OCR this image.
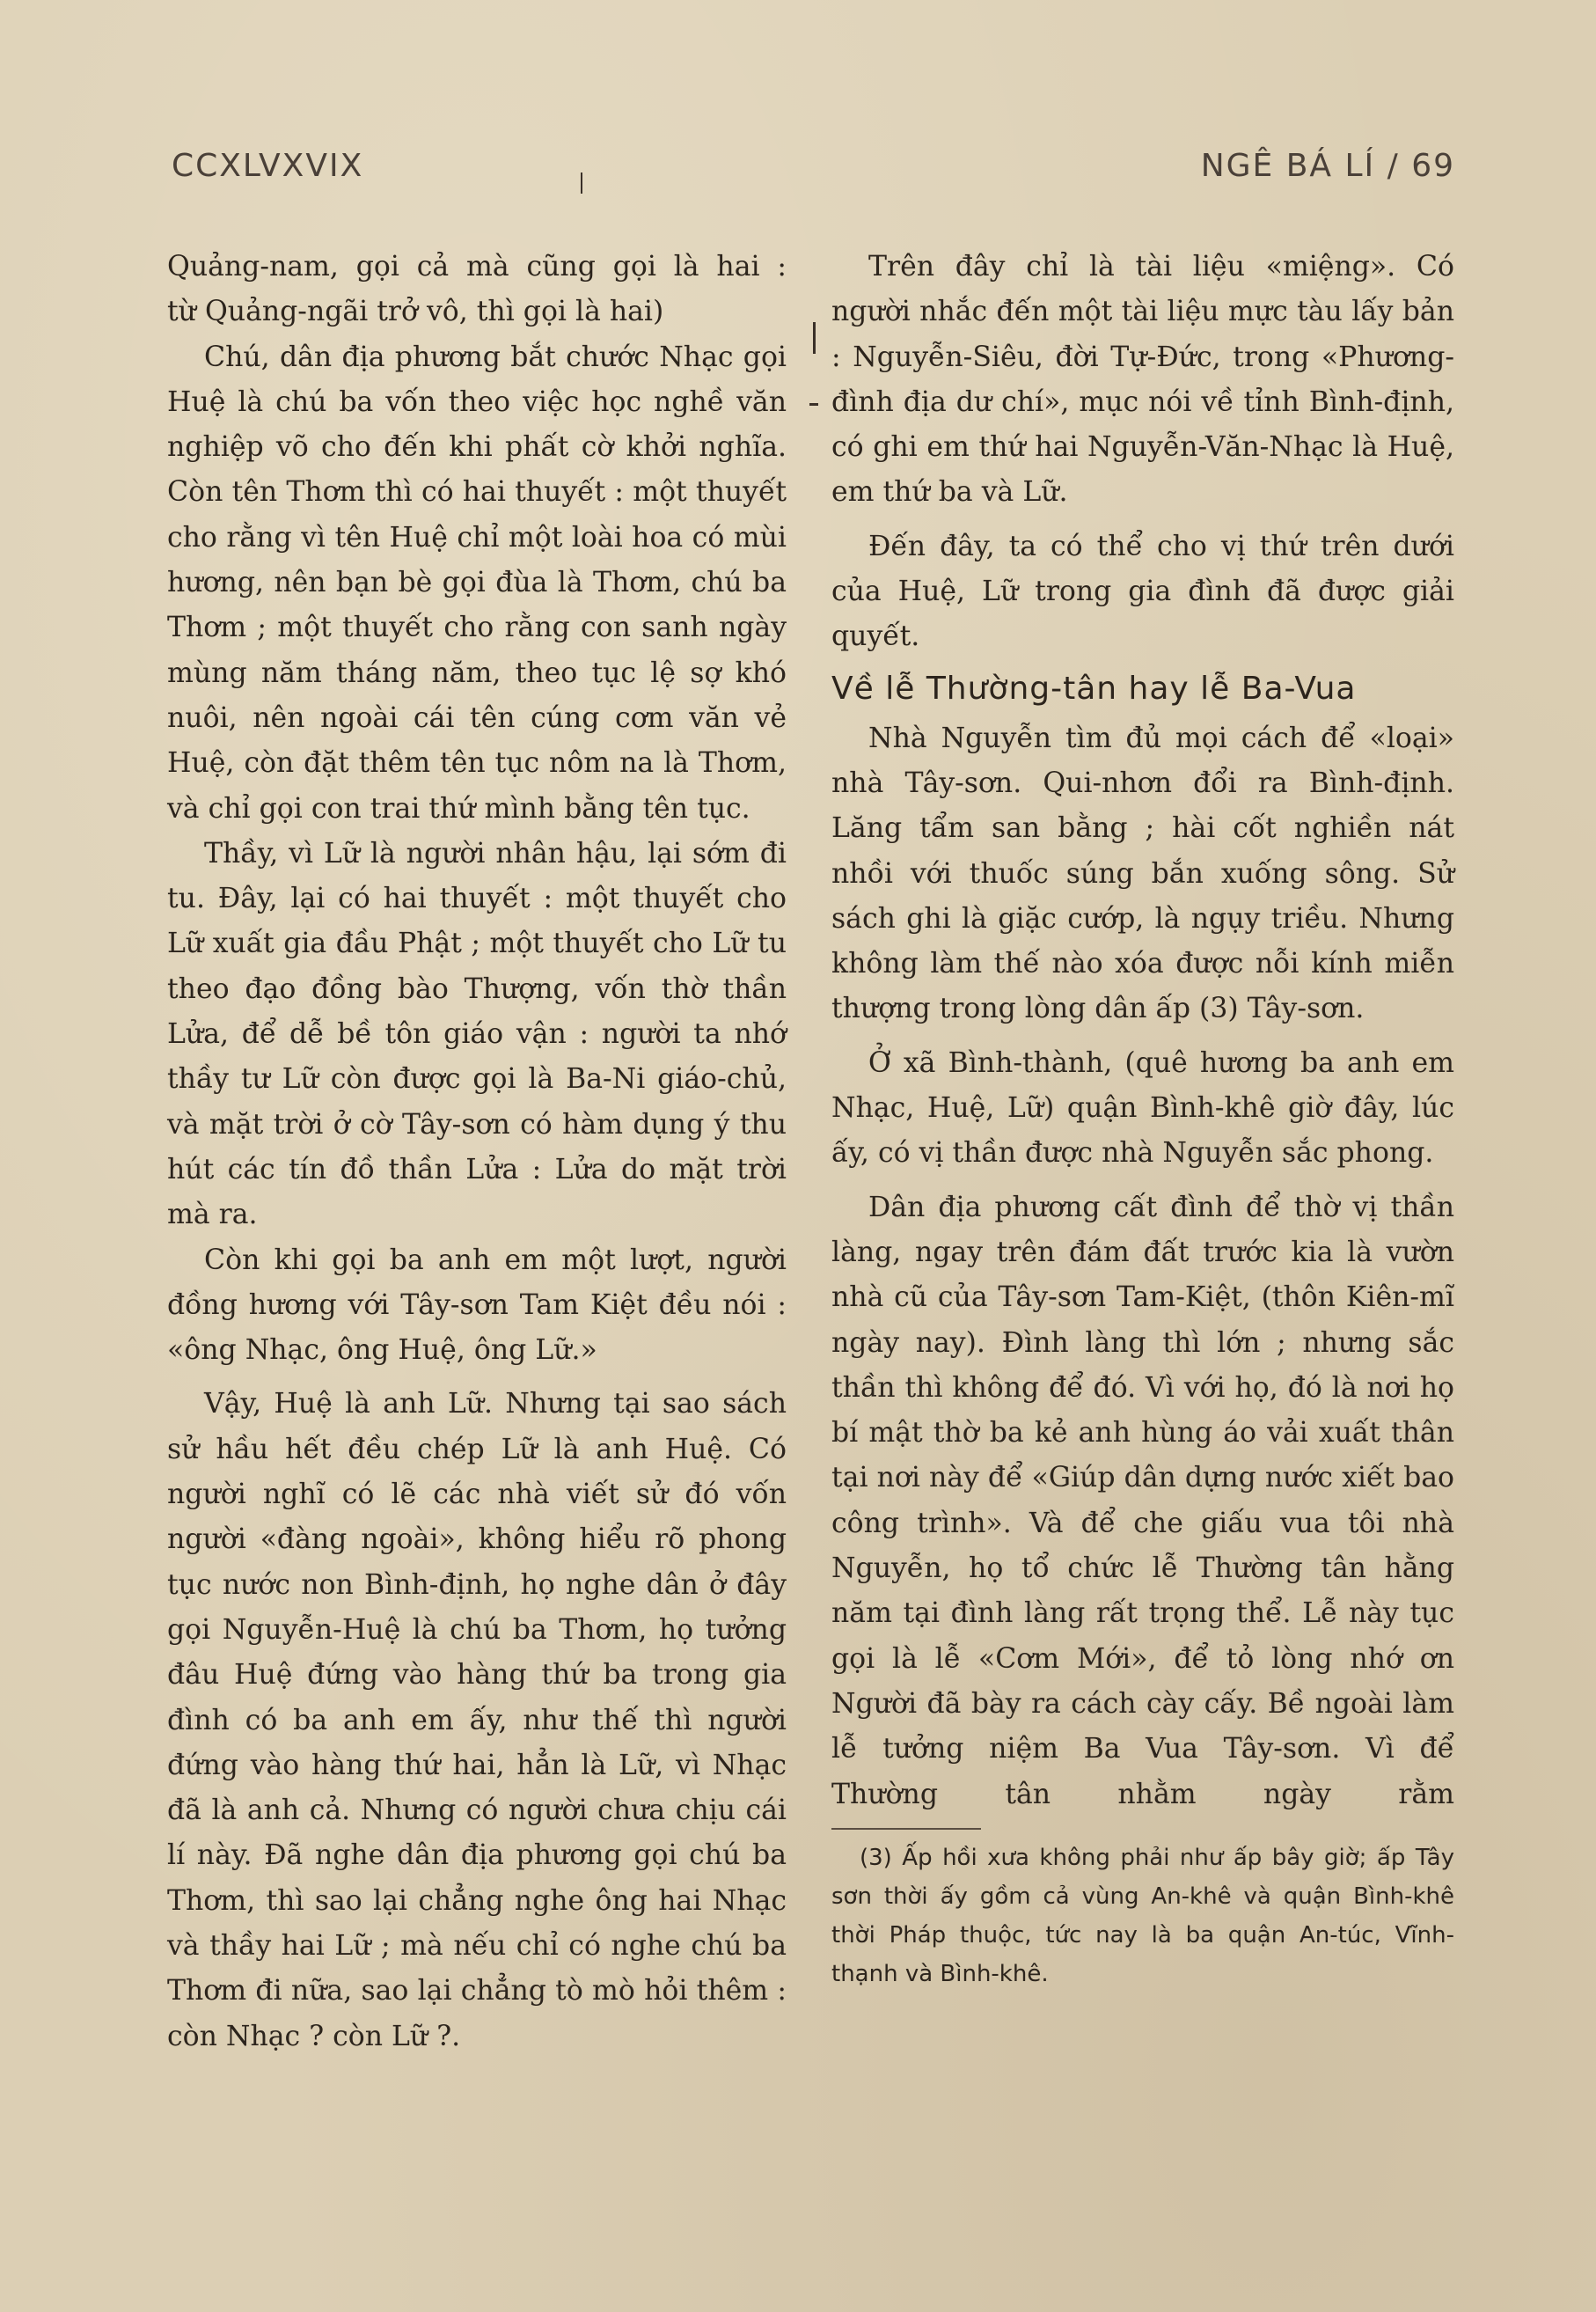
CCXLVXVIX	NGÊ BÁ LÍ / 69

Quảng-nam, gọi cả mà cũng gọi là hai :

từ Quảng-ngãi trở vô, thì gọi là hai)

Chú, dân địa phương bắt chước Nhạc gọi Huệ là chú ba vốn theo việc học nghề văn nghiệp võ cho đến khi phất cờ khởi nghĩa. Còn tên Thơm thì có hai thuyết : một thuyết cho rằng vì tên Huệ chỉ một loài hoa có mùi hương, nên bạn bè gọi đùa là Thơm, chú ba Thơm ; một thuyết cho rằng con sanh ngày mùng năm tháng năm, theo tục lệ sợ khó nuôi, nên ngoài cái tên cúng cơm văn vẻ Huệ, còn đặt thêm tên tục nôm na là Thơm, và chỉ gọi con trai thứ mình bằng tên tục.

Thầy, vì Lữ là người nhân hậu, lại sớm đi tu. Đây, lại có hai thuyết : một thuyết cho Lữ xuất gia đầu Phật ; một thuyết cho Lữ tu theo đạo đồng bào Thượng, vốn thờ thần Lửa, để dễ bề tôn giáo vận : người ta nhớ thầy tư Lữ còn được gọi là Ba-Ni giáo-chủ, và mặt trời ở cờ Tây-sơn có hàm dụng ý thu hút các tín đồ thần Lửa : Lửa do mặt trời mà ra.

Còn khi gọi ba anh em một lượt, người đồng hương với Tây-sơn Tam Kiệt đều nói : «ông Nhạc, ông Huệ, ông Lữ.»

Vậy, Huệ là anh Lữ. Nhưng tại sao sách sử hầu hết đều chép Lữ là anh Huệ. Có người nghĩ có lẽ các nhà viết sử đó vốn người «đàng ngoài», không hiểu rõ phong tục nước non Bình-định, họ nghe dân ở đây gọi Nguyễn-Huệ là chú ba Thơm, họ tưởng đâu Huệ đứng vào hàng thứ ba trong gia đình có ba anh em ấy, như thế thì người đứng vào hàng thứ hai, hẳn là Lữ, vì Nhạc đã là anh cả. Nhưng có người chưa chịu cái lí này. Đã nghe dân địa phương gọi chú ba Thơm, thì sao lại chẳng nghe ông hai Nhạc và thầy hai Lữ ; mà nếu chỉ có nghe chú ba Thơm đi nữa, sao lại chẳng tò mò hỏi thêm : còn Nhạc ? còn Lữ ?.

Trên đây chỉ là tài liệu «miệng». Có người nhắc đến một tài liệu mực tàu lấy bản : Nguyễn-Siêu, đời Tự-Đức, trong «Phương-đình địa dư chí», mục nói về tỉnh Bình-định, có ghi em thứ hai Nguyễn-Văn-Nhạc là Huệ, em thứ ba và Lữ.

Đến đây, ta có thể cho vị thứ trên dưới của Huệ, Lữ trong gia đình đã được giải quyết.

Về lễ Thường-tân hay lễ Ba-Vua

Nhà Nguyễn tìm đủ mọi cách để «loại» nhà Tây-sơn. Qui-nhơn đổi ra Bình-định. Lăng tẩm san bằng ; hài cốt nghiền nát nhồi với thuốc súng bắn xuống sông. Sử sách ghi là giặc cướp, là ngụy triều. Nhưng không làm thế nào xóa được nỗi kính miễn thượng trong lòng dân ấp (3) Tây-sơn.

Ở xã Bình-thành, (quê hương ba anh em Nhạc, Huệ, Lữ) quận Bình-khê giờ đây, lúc ấy, có vị thần được nhà Nguyễn sắc phong.

Dân địa phương cất đình để thờ vị thần làng, ngay trên đám đất trước kia là vườn nhà cũ của Tây-sơn Tam-Kiệt, (thôn Kiên-mĩ ngày nay). Đình làng thì lớn ; nhưng sắc thần thì không để đó. Vì với họ, đó là nơi họ bí mật thờ ba kẻ anh hùng áo vải xuất thân tại nơi này để «Giúp dân dựng nước xiết bao công trình». Và để che giấu vua tôi nhà Nguyễn, họ tổ chức lễ Thường tân hằng năm tại đình làng rất trọng thể. Lễ này tục gọi là lễ «Cơm Mới», để tỏ lòng nhớ ơn Người đã bày ra cách cày cấy. Bề ngoài làm lễ tưởng niệm Ba Vua Tây-sơn. Vì để Thường tân nhằm ngày rằm

(3) Ấp hồi xưa không phải như ấp bây giờ; ấp Tây sơn thời ấy gồm cả vùng An-khê và quận Bình-khê thời Pháp thuộc, tức nay là ba quận An-túc, Vĩnh-thạnh và Bình-khê.
